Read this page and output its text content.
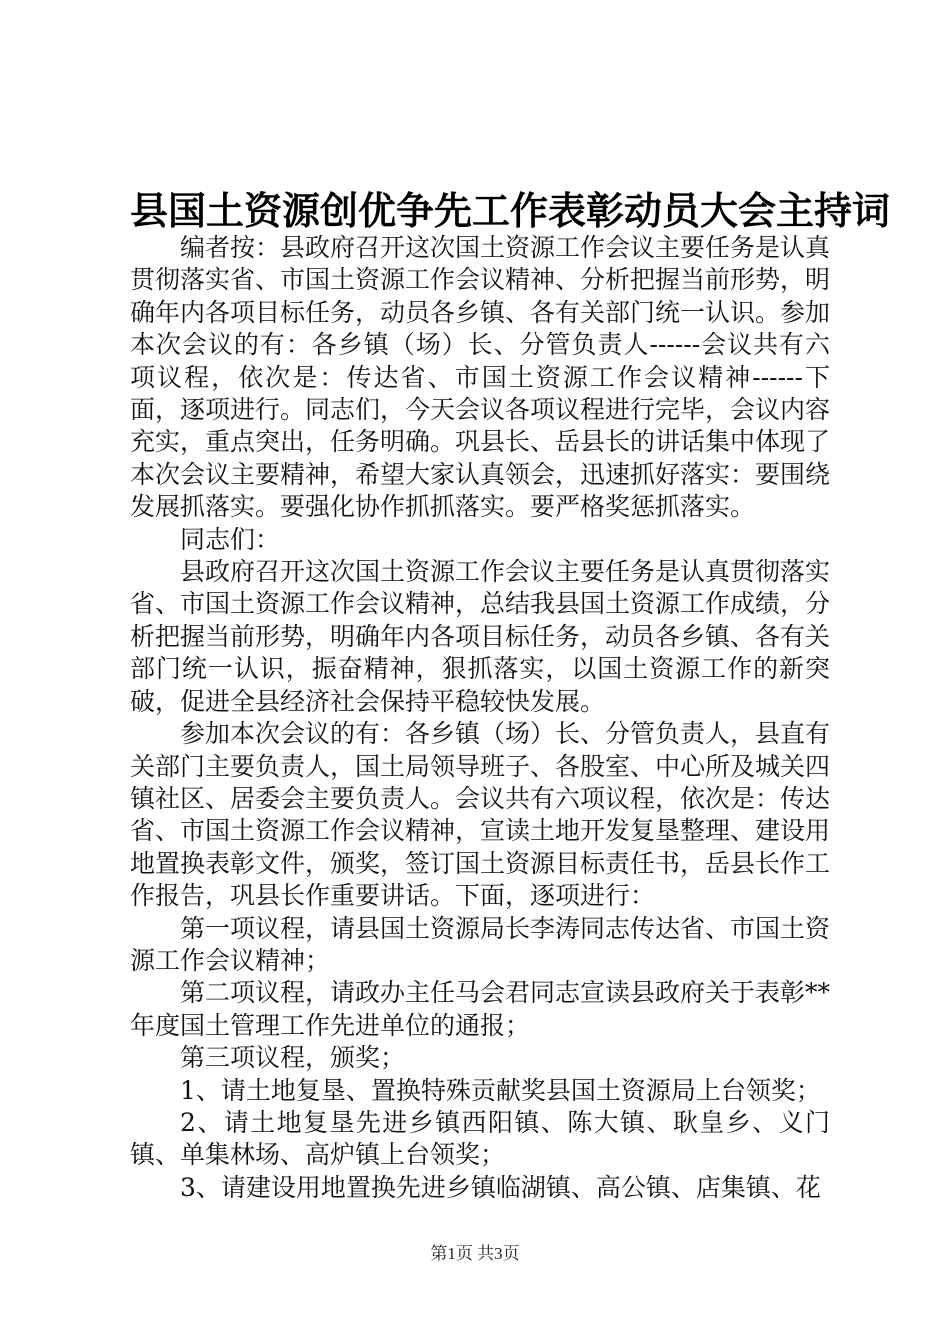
县国土资源创优争先工作表彰动员大会主持词

编者按：县政府召开这次国土资源工作会议主要任务是认真贯彻落实省、市国土资源工作会议精神、分析把握当前形势，明确年内各项目标任务，动员各乡镇、各有关部门统一认识。参加本次会议的有：各乡镇（场）长、分管负责人------会议共有六项议程，依次是：传达省、市国土资源工作会议精神------下面，逐项进行。同志们，今天会议各项议程进行完毕，会议内容充实，重点突出，任务明确。巩县长、岳县长的讲话集中体现了本次会议主要精神，希望大家认真领会，迅速抓好落实：要围绕发展抓落实。要强化协作抓抓落实。要严格奖惩抓落实。

同志们：

县政府召开这次国土资源工作会议主要任务是认真贯彻落实省、市国土资源工作会议精神，总结我县国土资源工作成绩，分析把握当前形势，明确年内各项目标任务，动员各乡镇、各有关部门统一认识，振奋精神，狠抓落实，以国土资源工作的新突破，促进全县经济社会保持平稳较快发展。

参加本次会议的有：各乡镇（场）长、分管负责人，县直有关部门主要负责人，国土局领导班子、各股室、中心所及城关四镇社区、居委会主要负责人。会议共有六项议程，依次是：传达省、市国土资源工作会议精神，宣读土地开发复垦整理、建设用地置换表彰文件，颁奖，签订国土资源目标责任书，岳县长作工作报告，巩县长作重要讲话。下面，逐项进行：

第一项议程，请县国土资源局长李涛同志传达省、市国土资源工作会议精神；

第二项议程，请政办主任马会君同志宣读县政府关于表彰**年度国土管理工作先进单位的通报；

第三项议程，颁奖；

1、请土地复垦、置换特殊贡献奖县国土资源局上台领奖；

2、请土地复垦先进乡镇西阳镇、陈大镇、耿皇乡、义门镇、单集林场、高炉镇上台领奖；

3、请建设用地置换先进乡镇临湖镇、高公镇、店集镇、花

第1页 共3页
